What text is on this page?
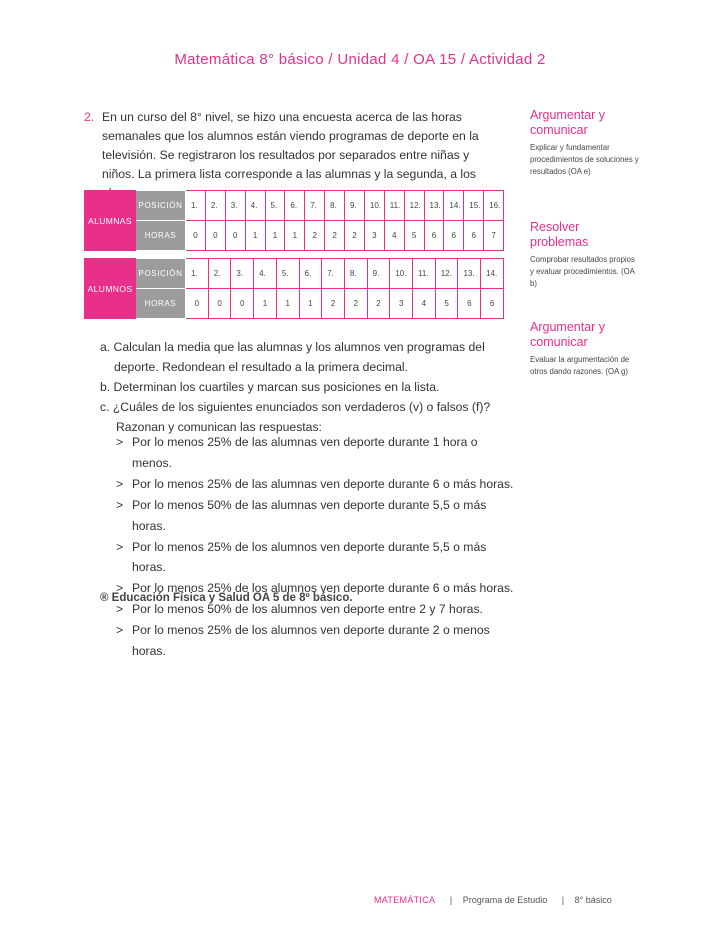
Matemática 8° básico / Unidad 4 / OA 15 / Actividad 2
2. En un curso del 8° nivel, se hizo una encuesta acerca de las horas semanales que los alumnos están viendo programas de deporte en la televisión. Se registraron los resultados por separados entre niñas y niños. La primera lista corresponde a las alumnas y la segunda, a los
Argumentar y comunicar
Explicar y fundamentar procedimientos de soluciones y resultados (OA e)
Resolver problemas
Comprobar resultados propios y evaluar procedimientos. (OA b)
Argumentar y comunicar
Evaluar la argumentación de otros dando razones. (OA g)
ALUMNAS	POSICIÓN	1.	2.	3.	4.	5.	6.	7.	8.	9.	10.	11.	12.	13.	14.	15.	16.
	HORAS	0	0	0	1	1	1	2	2	2	3	4	5	6	6	6	7
ALUMNOS	POSICIÓN	1.	2.	3.	4.	5.	6.	7.	8.	9.	10.	11.	12.	13.	14.
	HORAS	0	0	0	1	1	1	2	2	2	3	4	5	6	6
a. Calculan la media que las alumnas y los alumnos ven programas del deporte. Redondean el resultado a la primera decimal.
b. Determinan los cuartiles y marcan sus posiciones en la lista.
c. ¿Cuáles de los siguientes enunciados son verdaderos (v) o falsos (f)?
Razonan y comunican las respuestas:
> Por lo menos 25% de las alumnas ven deporte durante 1 hora o menos.
> Por lo menos 25% de las alumnas ven deporte durante 6 o más horas.
> Por lo menos 50% de las alumnas ven deporte durante 5,5 o más horas.
> Por lo menos 25% de los alumnos ven deporte durante 5,5 o más horas.
> Por lo menos 25% de los alumnos ven deporte durante 6 o más horas.
> Por lo menos 50% de los alumnos ven deporte entre 2 y 7 horas.
> Por lo menos 25% de los alumnos ven deporte durante 2 o menos horas.
® Educación Física y Salud OA 5 de 8º básico.
MATEMÁTICA | Programa de Estudio | 8° básico
